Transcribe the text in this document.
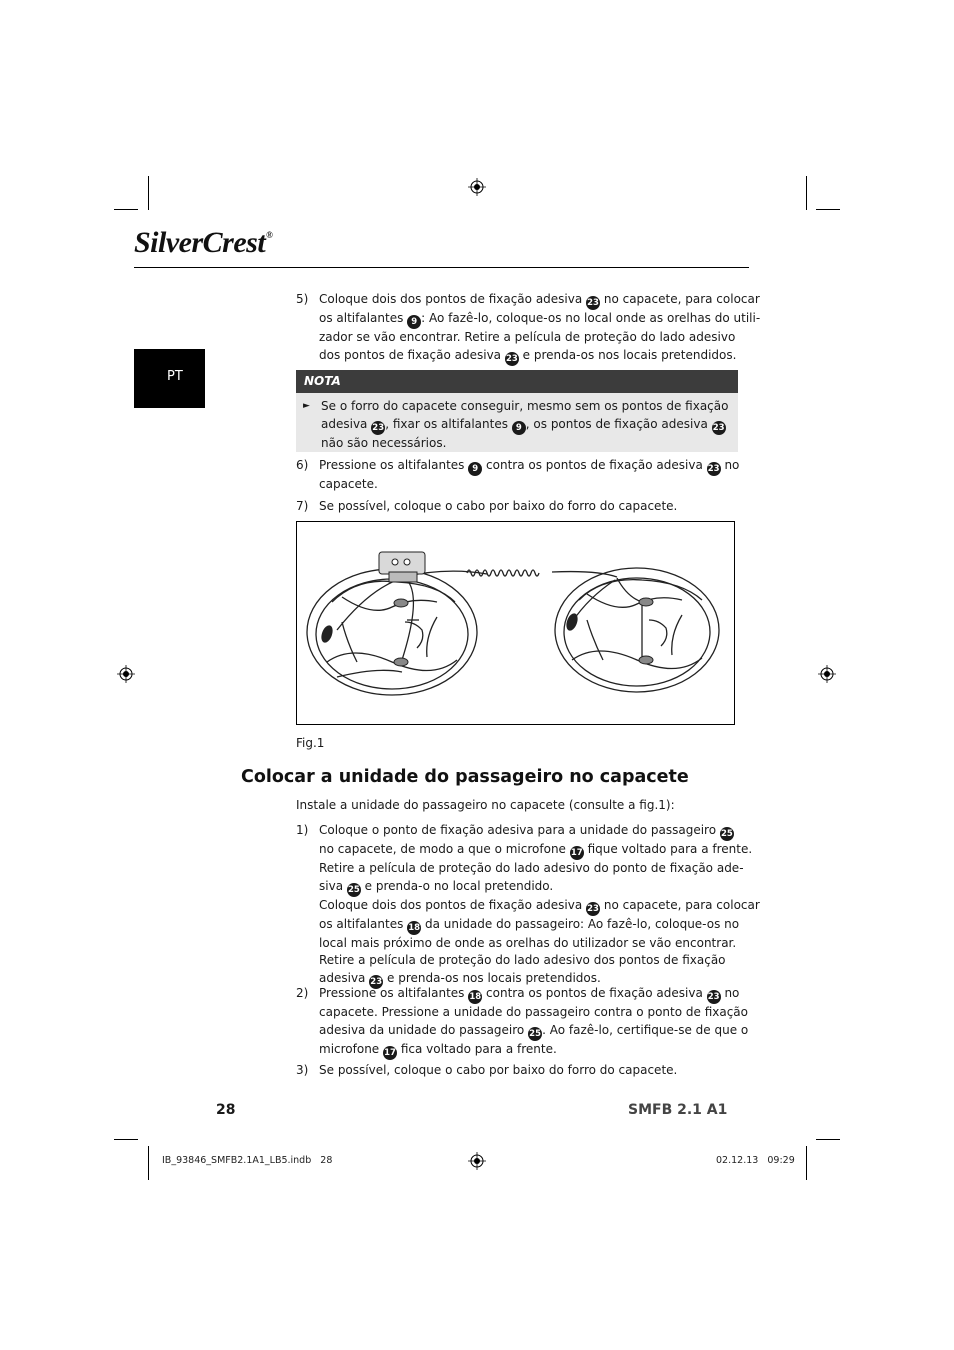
SilverCrest®
PT
5) Coloque dois dos pontos de fixação adesiva 23 no capacete, para colocar
os altifalantes 9 : Ao fazê-lo, coloque-os no local onde as orelhas do utili-
zador se vão encontrar. Retire a película de proteção do lado adesivo
dos pontos de fixação adesiva 23 e prenda-os nos locais pretendidos.
NOTA
► Se o forro do capacete conseguir, mesmo sem os pontos de fixação
adesiva 23, fixar os altifalantes 9 , os pontos de fixação adesiva 23
não são necessários.
6) Pressione os altifalantes 9 contra os pontos de fixação adesiva 23 no
capacete.
7) Se possível, coloque o cabo por baixo do forro do capacete.
Fig.1
Colocar a unidade do passageiro no capacete
Instale a unidade do passageiro no capacete (consulte a fig.1):
1) Coloque o ponto de fixação adesiva para a unidade do passageiro 25
no capacete, de modo a que o microfone 17 fique voltado para a frente.
Retire a película de proteção do lado adesivo do ponto de fixação ade-
siva 25 e prenda-o no local pretendido.
Coloque dois dos pontos de fixação adesiva 23 no capacete, para colocar
os altifalantes 18 da unidade do passageiro: Ao fazê-lo, coloque-os no
local mais próximo de onde as orelhas do utilizador se vão encontrar.
Retire a película de proteção do lado adesivo dos pontos de fixação
adesiva 23 e prenda-os nos locais pretendidos.
2) Pressione os altifalantes 18 contra os pontos de fixação adesiva 23 no
capacete. Pressione a unidade do passageiro contra o ponto de fixação
adesiva da unidade do passageiro 25. Ao fazê-lo, certifique-se de que o
microfone 17 fica voltado para a frente.
3) Se possível, coloque o cabo por baixo do forro do capacete.
28	SMFB 2.1 A1
IB_93846_SMFB2.1A1_LB5.indb   28	02.12.13   09:29
